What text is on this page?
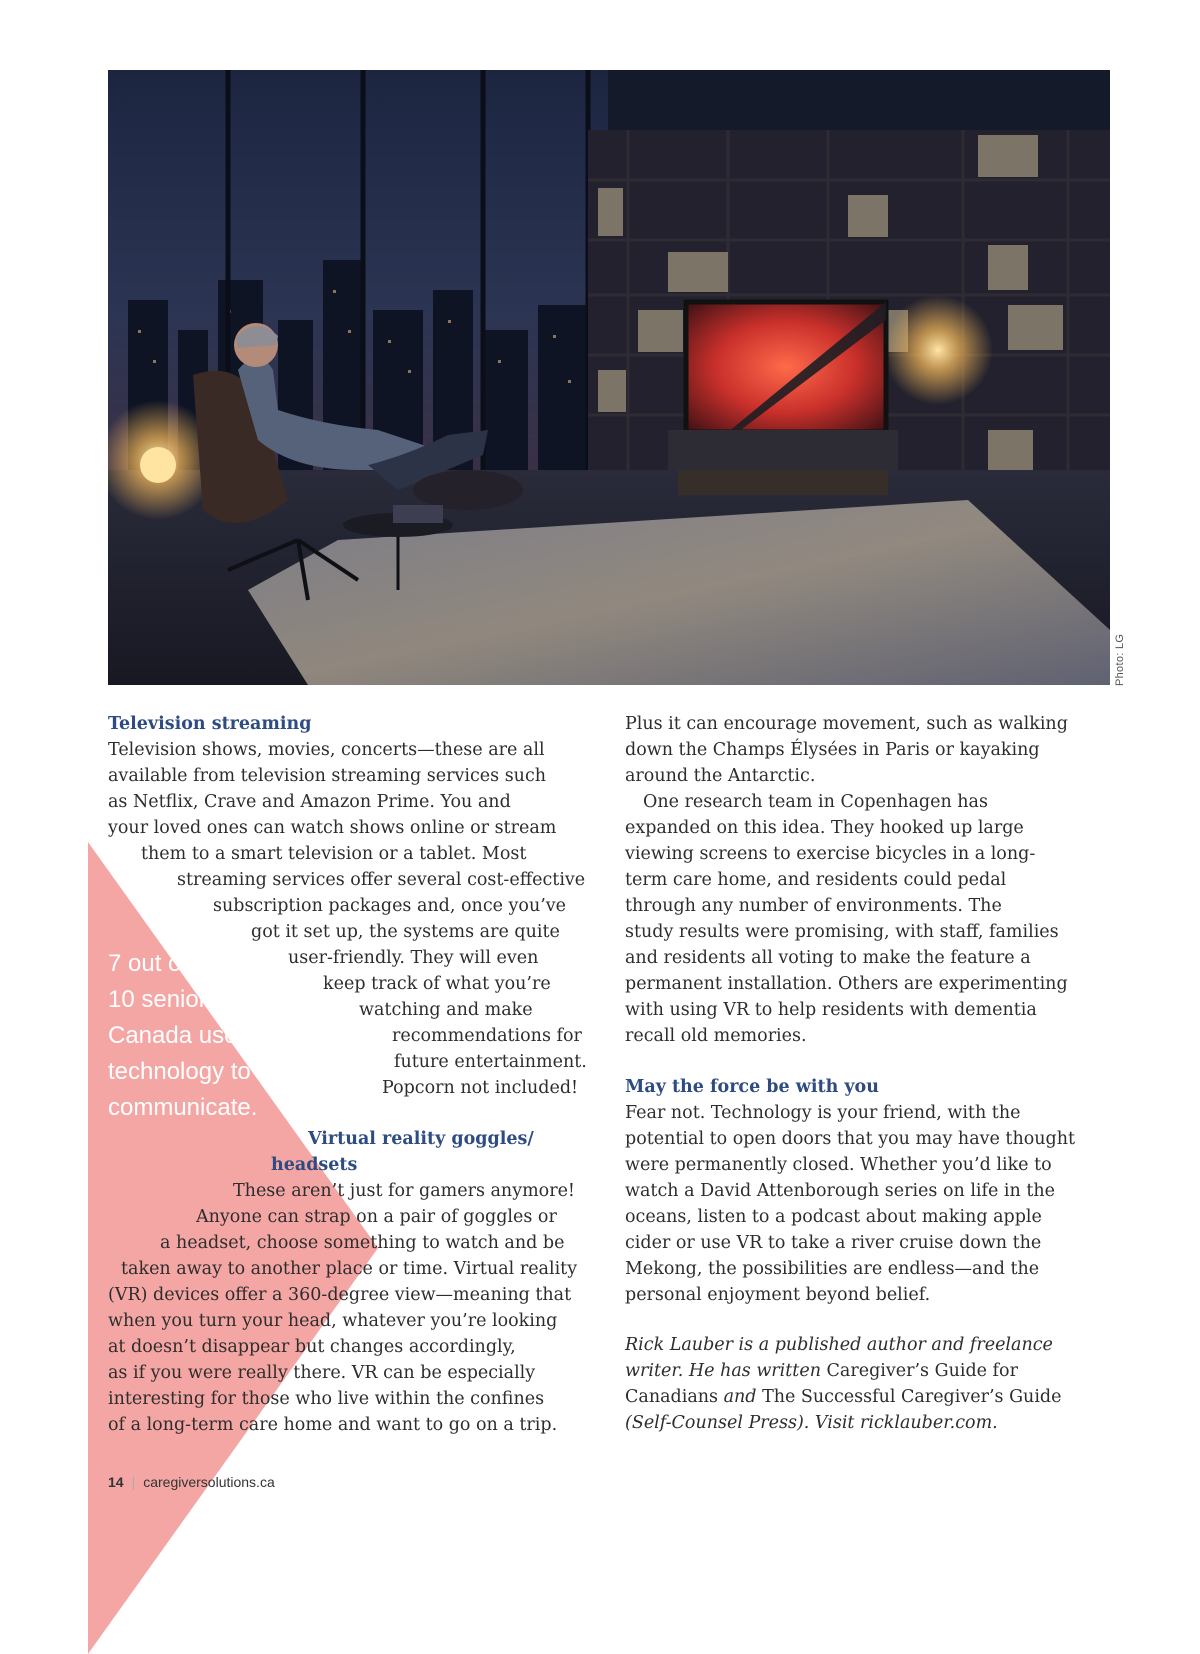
Photo: LG
7 out of
10 seniors in
Canada use
technology to
communicate.
Television streaming
Television shows, movies, concerts—these are all
available from television streaming services such
as Netflix, Crave and Amazon Prime. You and
your loved ones can watch shows online or stream
them to a smart television or a tablet. Most
streaming services offer several cost-effective
subscription packages and, once you’ve
got it set up, the systems are quite
user-friendly. They will even
keep track of what you’re
watching and make
recommendations for
future entertainment.
Popcorn not included!
Virtual reality goggles/
headsets
These aren’t just for gamers anymore!
Anyone can strap on a pair of goggles or
a headset, choose something to watch and be
taken away to another place or time. Virtual reality
(VR) devices offer a 360-degree view—meaning that
when you turn your head, whatever you’re looking
at doesn’t disappear but changes accordingly,
as if you were really there. VR can be especially
interesting for those who live within the confines
of a long-term care home and want to go on a trip.
Plus it can encourage movement, such as walking
down the Champs Élysées in Paris or kayaking
around the Antarctic.
One research team in Copenhagen has
expanded on this idea. They hooked up large
viewing screens to exercise bicycles in a long-
term care home, and residents could pedal
through any number of environments. The
study results were promising, with staff, families
and residents all voting to make the feature a
permanent installation. Others are experimenting
with using VR to help residents with dementia
recall old memories.
May the force be with you
Fear not. Technology is your friend, with the
potential to open doors that you may have thought
were permanently closed. Whether you’d like to
watch a David Attenborough series on life in the
oceans, listen to a podcast about making apple
cider or use VR to take a river cruise down the
Mekong, the possibilities are endless—and the
personal enjoyment beyond belief.
Rick Lauber is a published author and freelance
writer. He has written Caregiver’s Guide for
Canadians and The Successful Caregiver’s Guide
(Self-Counsel Press). Visit ricklauber.com.
14 | caregiversolutions.ca
